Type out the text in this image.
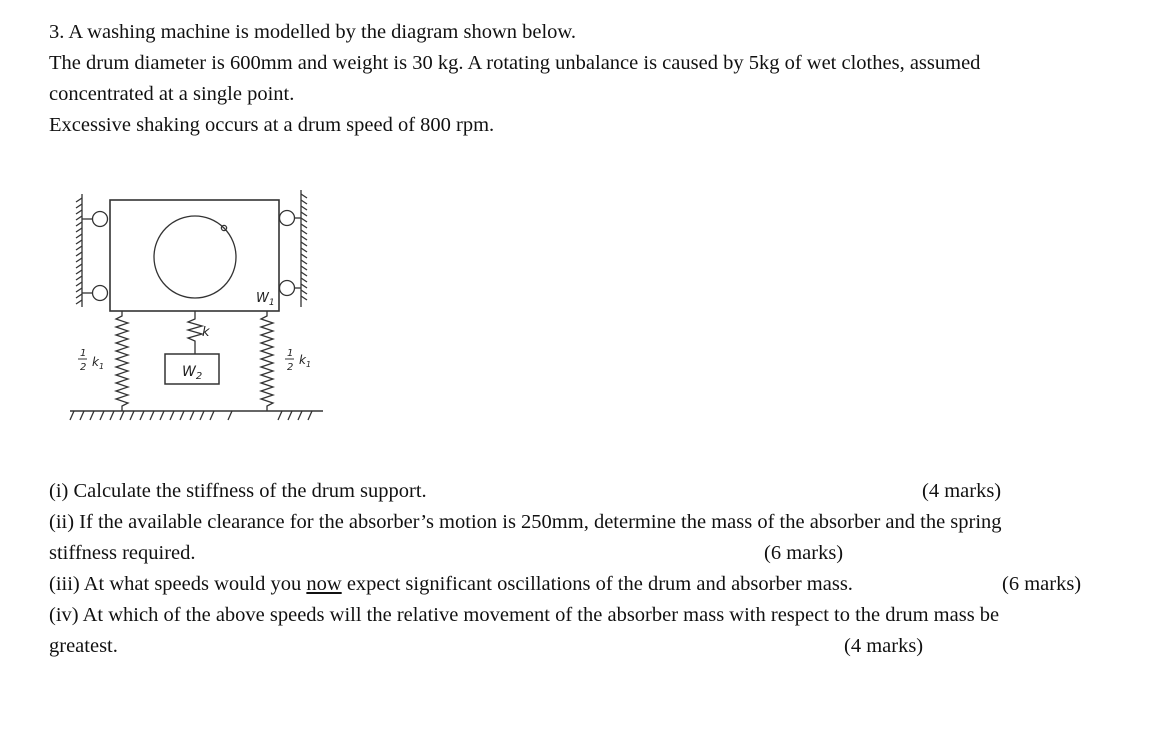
3. A washing machine is modelled by the diagram shown below.
The drum diameter is 600mm and weight is 30 kg. A rotating unbalance is caused by 5kg of wet clothes, assumed
concentrated at a single point.
Excessive shaking occurs at a drum speed of 800 rpm.
$W_1$
k
$W_2$
1
2 $k_1$
1
2
$k_1$
(i) Calculate the stiffness of the drum support.	(4 marks)
(ii) If the available clearance for the absorber’s motion is 250mm, determine the mass of the absorber and the spring
stiffness required.	(6 marks)
(iii) At what speeds would you now expect significant oscillations of the drum and absorber mass.	(6 marks)
(iv) At which of the above speeds will the relative movement of the absorber mass with respect to the drum mass be
greatest.	(4 marks)
